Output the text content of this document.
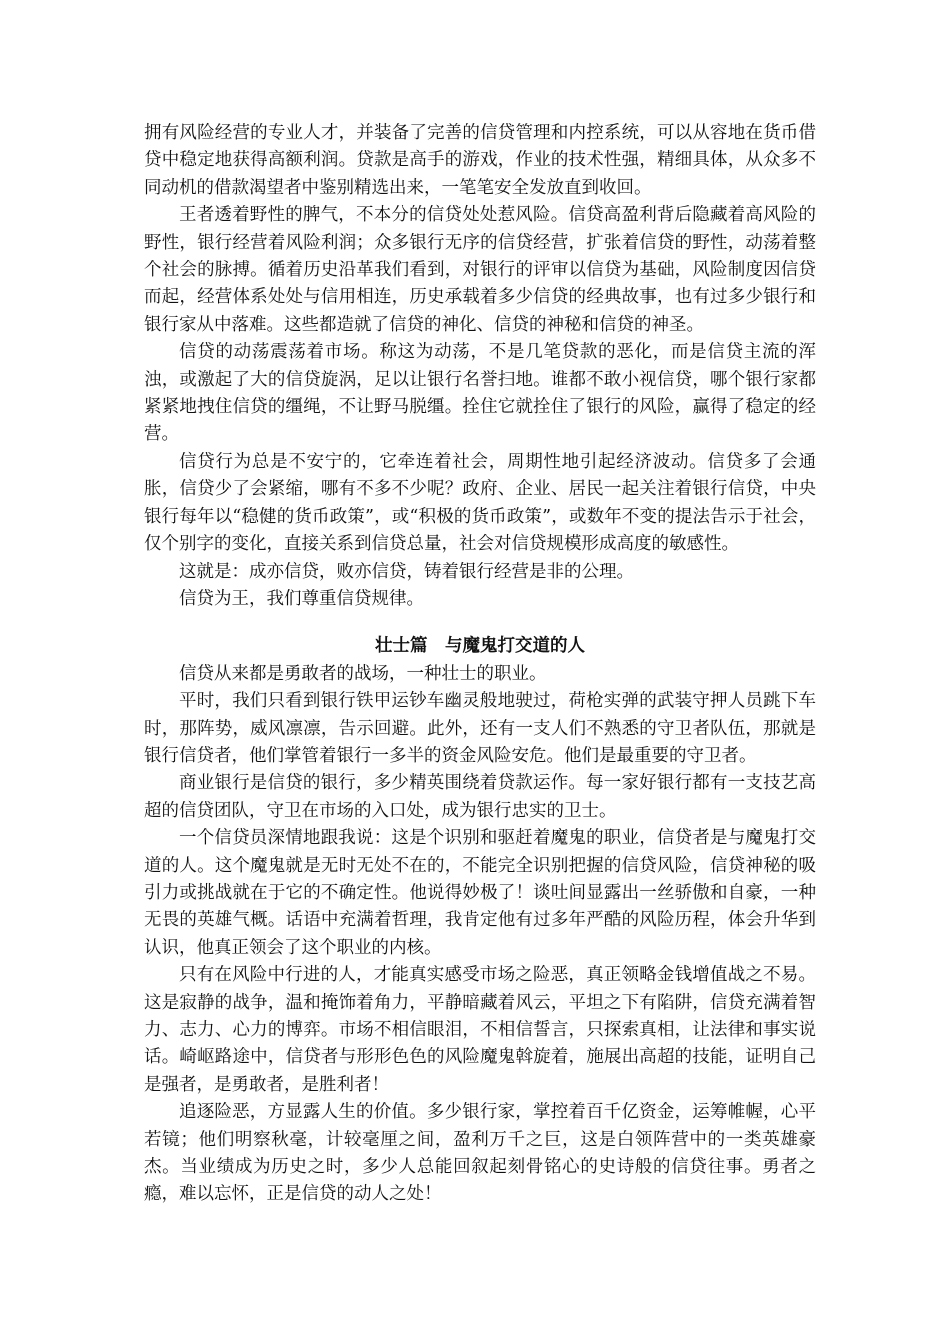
拥有风险经营的专业人才，并装备了完善的信贷管理和内控系统，可以从容地在货币借贷中稳定地获得高额利润。贷款是高手的游戏，作业的技术性强，精细具体，从众多不同动机的借款渴望者中鉴别精选出来，一笔笔安全发放直到收回。

王者透着野性的脾气，不本分的信贷处处惹风险。信贷高盈利背后隐藏着高风险的野性，银行经营着风险利润；众多银行无序的信贷经营，扩张着信贷的野性，动荡着整个社会的脉搏。循着历史沿革我们看到，对银行的评审以信贷为基础，风险制度因信贷而起，经营体系处处与信用相连，历史承载着多少信贷的经典故事，也有过多少银行和银行家从中落难。这些都造就了信贷的神化、信贷的神秘和信贷的神圣。

信贷的动荡震荡着市场。称这为动荡，不是几笔贷款的恶化，而是信贷主流的浑浊，或激起了大的信贷旋涡，足以让银行名誉扫地。谁都不敢小视信贷，哪个银行家都紧紧地拽住信贷的缰绳，不让野马脱缰。拴住它就拴住了银行的风险，赢得了稳定的经营。

信贷行为总是不安宁的，它牵连着社会，周期性地引起经济波动。信贷多了会通胀，信贷少了会紧缩，哪有不多不少呢？政府、企业、居民一起关注着银行信贷，中央银行每年以“稳健的货币政策”，或“积极的货币政策”，或数年不变的提法告示于社会，仅个别字的变化，直接关系到信贷总量，社会对信贷规模形成高度的敏感性。

这就是：成亦信贷，败亦信贷，铸着银行经营是非的公理。

信贷为王，我们尊重信贷规律。

壮士篇　与魔鬼打交道的人

信贷从来都是勇敢者的战场，一种壮士的职业。

平时，我们只看到银行铁甲运钞车幽灵般地驶过，荷枪实弹的武装守押人员跳下车时，那阵势，威风凛凛，告示回避。此外，还有一支人们不熟悉的守卫者队伍，那就是银行信贷者，他们掌管着银行一多半的资金风险安危。他们是最重要的守卫者。

商业银行是信贷的银行，多少精英围绕着贷款运作。每一家好银行都有一支技艺高超的信贷团队，守卫在市场的入口处，成为银行忠实的卫士。

一个信贷员深情地跟我说：这是个识别和驱赶着魔鬼的职业，信贷者是与魔鬼打交道的人。这个魔鬼就是无时无处不在的，不能完全识别把握的信贷风险，信贷神秘的吸引力或挑战就在于它的不确定性。他说得妙极了！谈吐间显露出一丝骄傲和自豪，一种无畏的英雄气概。话语中充满着哲理，我肯定他有过多年严酷的风险历程，体会升华到认识，他真正领会了这个职业的内核。

只有在风险中行进的人，才能真实感受市场之险恶，真正领略金钱增值战之不易。这是寂静的战争，温和掩饰着角力，平静暗藏着风云，平坦之下有陷阱，信贷充满着智力、志力、心力的博弈。市场不相信眼泪，不相信誓言，只探索真相，让法律和事实说话。崎岖路途中，信贷者与形形色色的风险魔鬼斡旋着，施展出高超的技能，证明自己是强者，是勇敢者，是胜利者！

追逐险恶，方显露人生的价值。多少银行家，掌控着百千亿资金，运筹帷幄，心平若镜；他们明察秋毫，计较毫厘之间，盈利万千之巨，这是白领阵营中的一类英雄豪杰。当业绩成为历史之时，多少人总能回叙起刻骨铭心的史诗般的信贷往事。勇者之瘾，难以忘怀，正是信贷的动人之处！
